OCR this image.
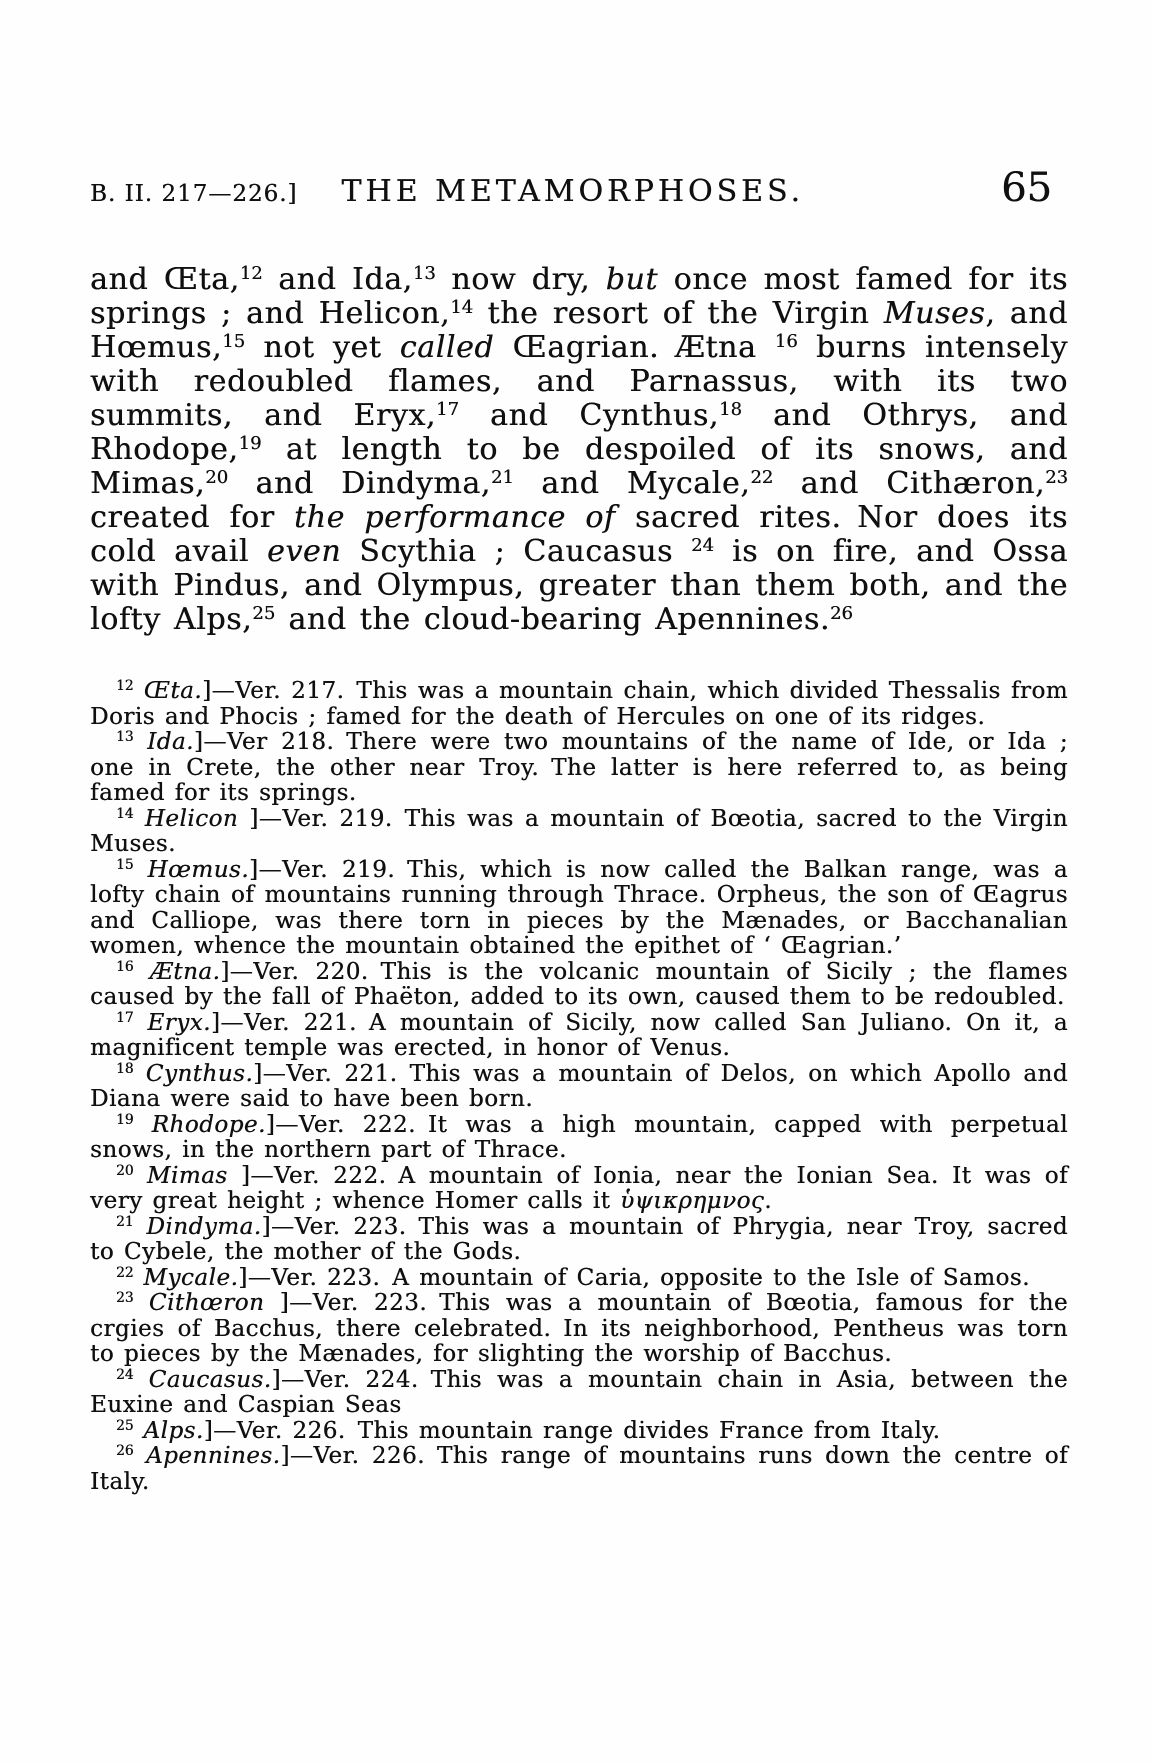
B. II. 217—226.] THE METAMORPHOSES.	65

and Œta,$^{12}$ and Ida,$^{13}$ now dry, but once most famed for its springs ; and Helicon,$^{14}$ the resort of the Virgin Muses, and Hœmus,$^{15}$ not yet called Œagrian. Ætna $^{16}$ burns intensely with redoubled flames, and Parnassus, with its two summits, and Eryx,$^{17}$ and Cynthus,$^{18}$ and Othrys, and Rhodope,$^{19}$ at length to be despoiled of its snows, and Mimas,$^{20}$ and Dindyma,$^{21}$ and Mycale,$^{22}$ and Cithæron,$^{23}$ created for the performance of sacred rites. Nor does its cold avail even Scythia ; Caucasus $^{24}$ is on fire, and Ossa with Pindus, and Olympus, greater than them both, and the lofty Alps,$^{25}$ and the cloud-bearing Apennines.$^{26}$

$^{12}$ Œta.]—Ver. 217. This was a mountain chain, which divided Thessalis from Doris and Phocis ; famed for the death of Hercules on one of its ridges.

$^{13}$ Ida.]—Ver 218. There were two mountains of the name of Ide, or Ida ; one in Crete, the other near Troy. The latter is here referred to, as being famed for its springs.

$^{14}$ Helicon ]—Ver. 219. This was a mountain of Bœotia, sacred to the Virgin Muses.

$^{15}$ Hœmus.]—Ver. 219. This, which is now called the Balkan range, was a lofty chain of mountains running through Thrace. Orpheus, the son of Œagrus and Calliope, was there torn in pieces by the Mænades, or Bacchanalian women, whence the mountain obtained the epithet of ‘ Œagrian.’

$^{16}$ Ætna.]—Ver. 220. This is the volcanic mountain of Sicily ; the flames caused by the fall of Phaëton, added to its own, caused them to be redoubled.

$^{17}$ Eryx.]—Ver. 221. A mountain of Sicily, now called San Juliano. On it, a magnificent temple was erected, in honor of Venus.

$^{18}$ Cynthus.]—Ver. 221. This was a mountain of Delos, on which Apollo and Diana were said to have been born.

$^{19}$ Rhodope.]—Ver. 222. It was a high mountain, capped with perpetual snows, in the northern part of Thrace.

$^{20}$ Mimas ]—Ver. 222. A mountain of Ionia, near the Ionian Sea. It was of very great height ; whence Homer calls it ὑψικρημνος.

$^{21}$ Dindyma.]—Ver. 223. This was a mountain of Phrygia, near Troy, sacred to Cybele, the mother of the Gods.

$^{22}$ Mycale.]—Ver. 223. A mountain of Caria, opposite to the Isle of Samos.

$^{23}$ Cithœron ]—Ver. 223. This was a mountain of Bœotia, famous for the crgies of Bacchus, there celebrated. In its neighborhood, Pentheus was torn to pieces by the Mænades, for slighting the worship of Bacchus.

$^{24}$ Caucasus.]—Ver. 224. This was a mountain chain in Asia, between the Euxine and Caspian Seas

$^{25}$ Alps.]—Ver. 226. This mountain range divides France from Italy.

$^{26}$ Apennines.]—Ver. 226. This range of mountains runs down the centre of Italy.
